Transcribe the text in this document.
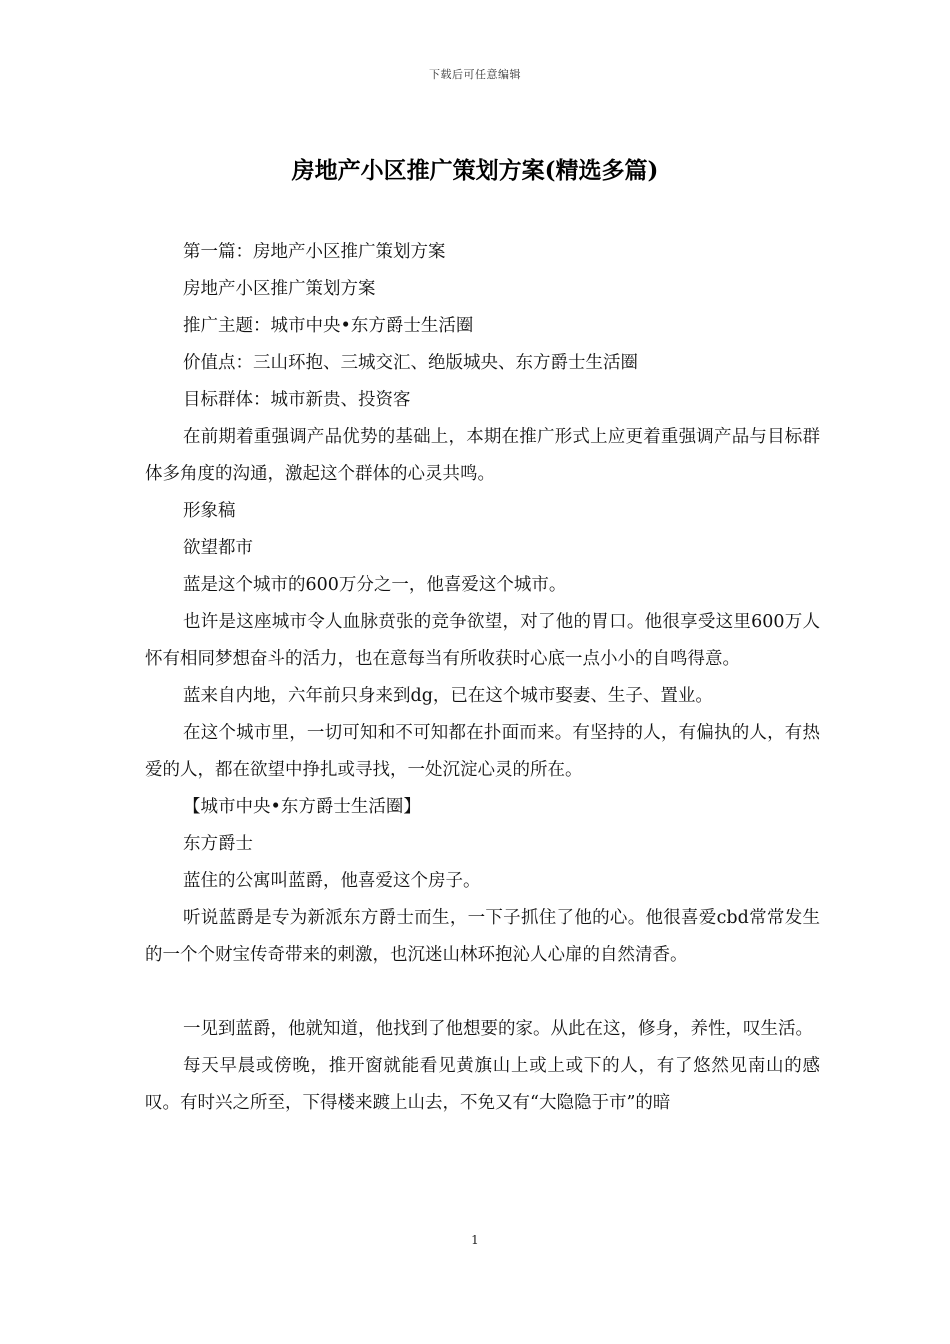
下载后可任意编辑
房地产小区推广策划方案(精选多篇)

第一篇：房地产小区推广策划方案

房地产小区推广策划方案

推广主题：城市中央•东方爵士生活圈

价值点：三山环抱、三城交汇、绝版城央、东方爵士生活圈

目标群体：城市新贵、投资客

在前期着重强调产品优势的基础上，本期在推广形式上应更着重强调产品与目标群体多角度的沟通，激起这个群体的心灵共鸣。

形象稿

欲望都市

蓝是这个城市的600万分之一，他喜爱这个城市。

也许是这座城市令人血脉贲张的竞争欲望，对了他的胃口。他很享受这里600万人怀有相同梦想奋斗的活力，也在意每当有所收获时心底一点小小的自鸣得意。

蓝来自内地，六年前只身来到dg，已在这个城市娶妻、生子、置业。

在这个城市里，一切可知和不可知都在扑面而来。有坚持的人，有偏执的人，有热爱的人，都在欲望中挣扎或寻找，一处沉淀心灵的所在。

【城市中央•东方爵士生活圈】

东方爵士

蓝住的公寓叫蓝爵，他喜爱这个房子。

听说蓝爵是专为新派东方爵士而生，一下子抓住了他的心。他很喜爱cbd常常发生的一个个财宝传奇带来的刺激，也沉迷山林环抱沁人心扉的自然清香。

一见到蓝爵，他就知道，他找到了他想要的家。从此在这，修身，养性，叹生活。

每天早晨或傍晚，推开窗就能看见黄旗山上或上或下的人，有了悠然见南山的感叹。有时兴之所至，下得楼来踱上山去，不免又有“大隐隐于市”的暗

1
